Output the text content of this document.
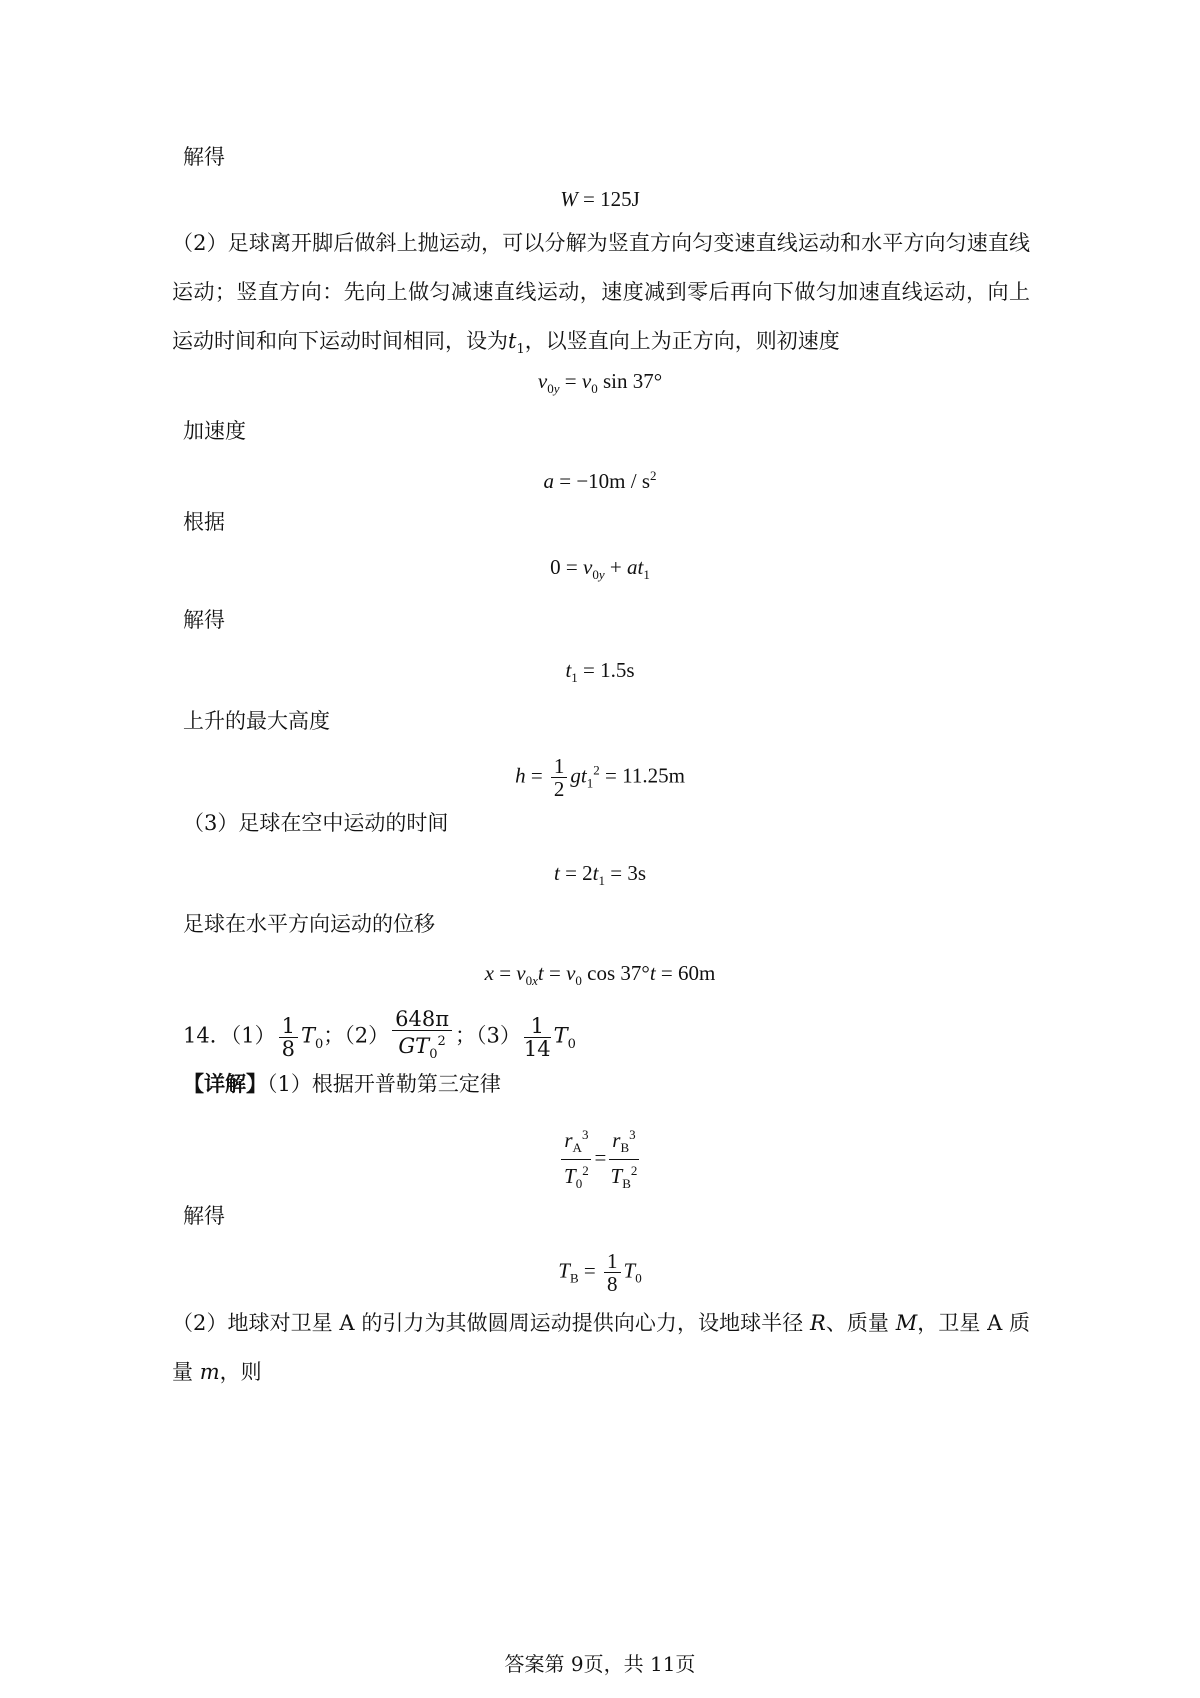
解得
W = 125J
（2）足球离开脚后做斜上抛运动，可以分解为竖直方向匀变速直线运动和水平方向匀速直线运动；竖直方向：先向上做匀减速直线运动，速度减到零后再向下做匀加速直线运动，向上运动时间和向下运动时间相同，设为$t_1$，以竖直向上为正方向，则初速度
$v_{0y} = v_0$ sin 37°
加速度
$a = -10m / s^2$
根据
$0 = v_{0y} + at_1$
解得
$t_1 = 1.5s$
上升的最大高度
$h = \frac{1}{2} gt_1^2 = 11.25m$
（3）足球在空中运动的时间
$t = 2t_1 = 3s$
足球在水平方向运动的位移
$x = v_{0x}t = v_0$ cos 37°t = 60m
14．$(1) \frac{1}{8} T_0$；$(2) \frac{648\pi}{GT_0^2}$ ；$(3) \frac{1}{14} T_0$
【详解】（1）根据开普勒第三定律
$\frac{r_A^3}{T_0^2} = \frac{r_B^3}{T_B^2}$
解得
$T_B = \frac{1}{8} T_0$
（2）地球对卫星 A 的引力为其做圆周运动提供向心力，设地球半径 R、质量 M，卫星 A 质量 m，则
答案第 9页，共 11页
